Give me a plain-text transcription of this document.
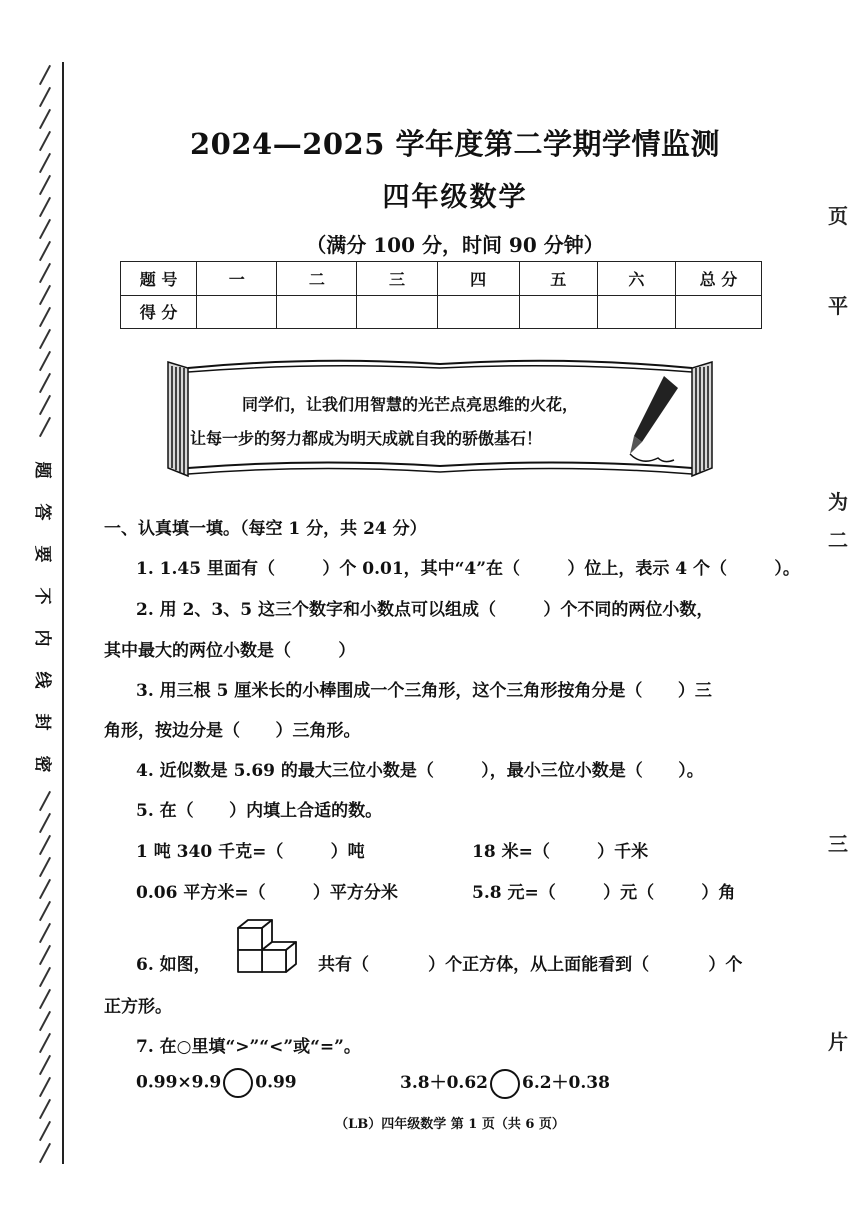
题
答
要
不
内
线
封
密
页
平
为
二
三
片
2024—2025 学年度第二学期学情监测
四年级数学
（满分 100 分，时间 90 分钟）
题 号	一	二	三	四	五	六	总 分
得 分							
同学们，让我们用智慧的光芒点亮思维的火花，
让每一步的努力都成为明天成就自我的骄傲基石！
一、认真填一填。（每空 1 分，共 24 分）
1. 1.45 里面有（        ）个 0.01，其中“4”在（        ）位上，表示 4 个（        ）。
2. 用 2、3、5 这三个数字和小数点可以组成（        ）个不同的两位小数，
其中最大的两位小数是（        ）
3. 用三根 5 厘米长的小棒围成一个三角形，这个三角形按角分是（      ）三
角形，按边分是（      ）三角形。
4. 近似数是 5.69 的最大三位小数是（        ），最小三位小数是（      ）。
5. 在（      ）内填上合适的数。
1 吨 340 千克=（        ）吨	18 米=（        ）千米
0.06 平方米=（        ）平方分米	5.8 元=（        ）元（        ）角
6. 如图，	共有（          ）个正方体，从上面能看到（          ）个
正方形。
7. 在○里填“>”“<”或“=”。
0.99×9.9 0.99	3.8＋0.62 6.2＋0.38
（LB）四年级数学 第 1 页（共 6 页）
